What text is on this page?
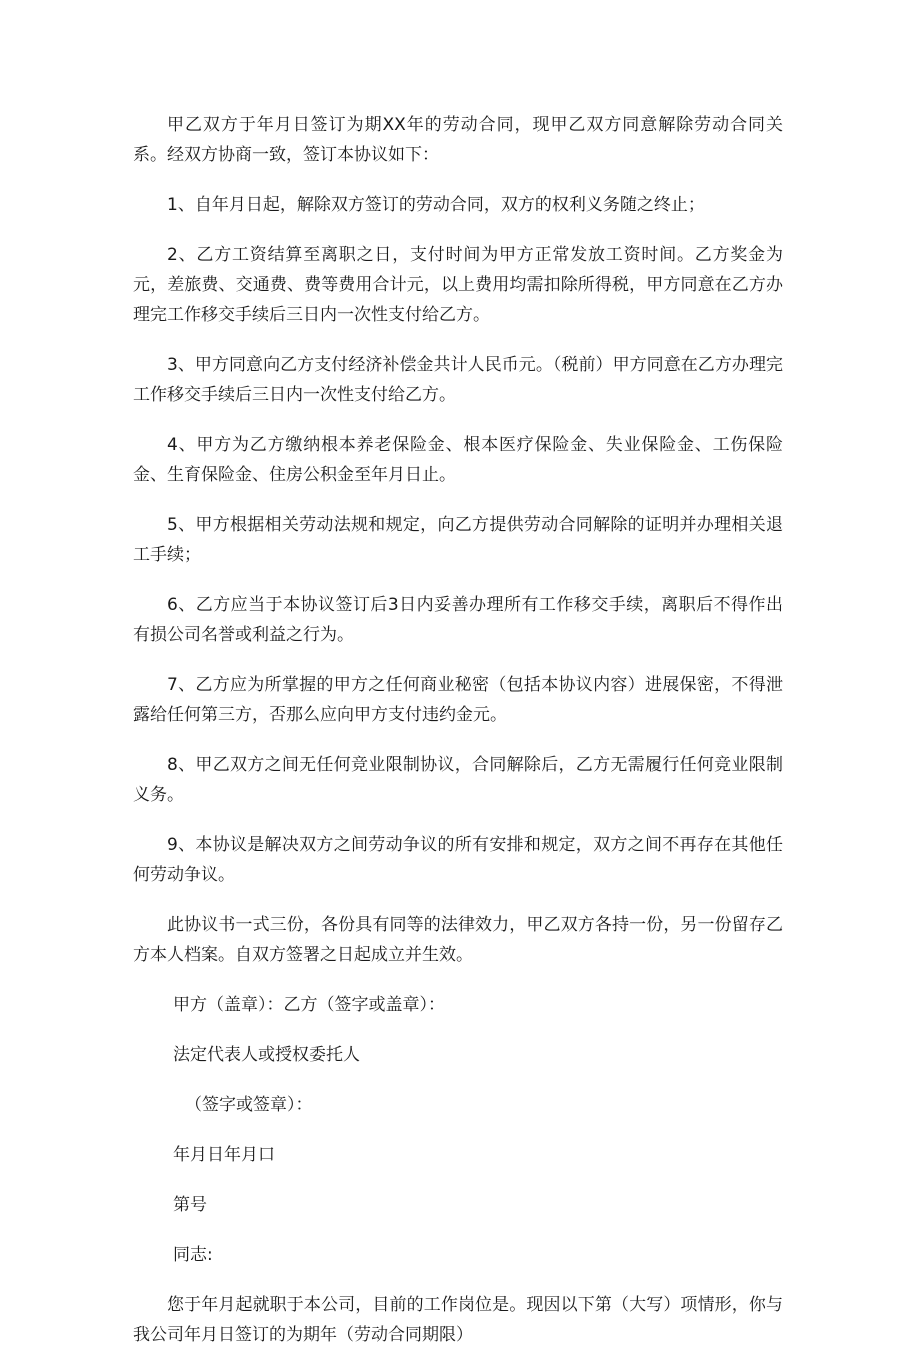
甲乙双方于年月日签订为期XX年的劳动合同，现甲乙双方同意解除劳动合同关系。经双方协商一致，签订本协议如下：

1、自年月日起，解除双方签订的劳动合同，双方的权利义务随之终止；

2、乙方工资结算至离职之日，支付时间为甲方正常发放工资时间。乙方奖金为元，差旅费、交通费、费等费用合计元，以上费用均需扣除所得税，甲方同意在乙方办理完工作移交手续后三日内一次性支付给乙方。

3、甲方同意向乙方支付经济补偿金共计人民币元。（税前）甲方同意在乙方办理完工作移交手续后三日内一次性支付给乙方。

4、甲方为乙方缴纳根本养老保险金、根本医疗保险金、失业保险金、工伤保险金、生育保险金、住房公积金至年月日止。

5、甲方根据相关劳动法规和规定，向乙方提供劳动合同解除的证明并办理相关退工手续；

6、乙方应当于本协议签订后3日内妥善办理所有工作移交手续，离职后不得作出有损公司名誉或利益之行为。

7、乙方应为所掌握的甲方之任何商业秘密（包括本协议内容）进展保密，不得泄露给任何第三方，否那么应向甲方支付违约金元。

8、甲乙双方之间无任何竞业限制协议，合同解除后，乙方无需履行任何竞业限制义务。

9、本协议是解决双方之间劳动争议的所有安排和规定，双方之间不再存在其他任何劳动争议。

此协议书一式三份，各份具有同等的法律效力，甲乙双方各持一份，另一份留存乙方本人档案。自双方签署之日起成立并生效。

甲方（盖章）：乙方（签字或盖章）：

法定代表人或授权委托人

（签字或签章）：

年月日年月口

第号

同志:

您于年月起就职于本公司，目前的工作岗位是。现因以下第（大写）项情形，你与我公司年月日签订的为期年（劳动合同期限）
